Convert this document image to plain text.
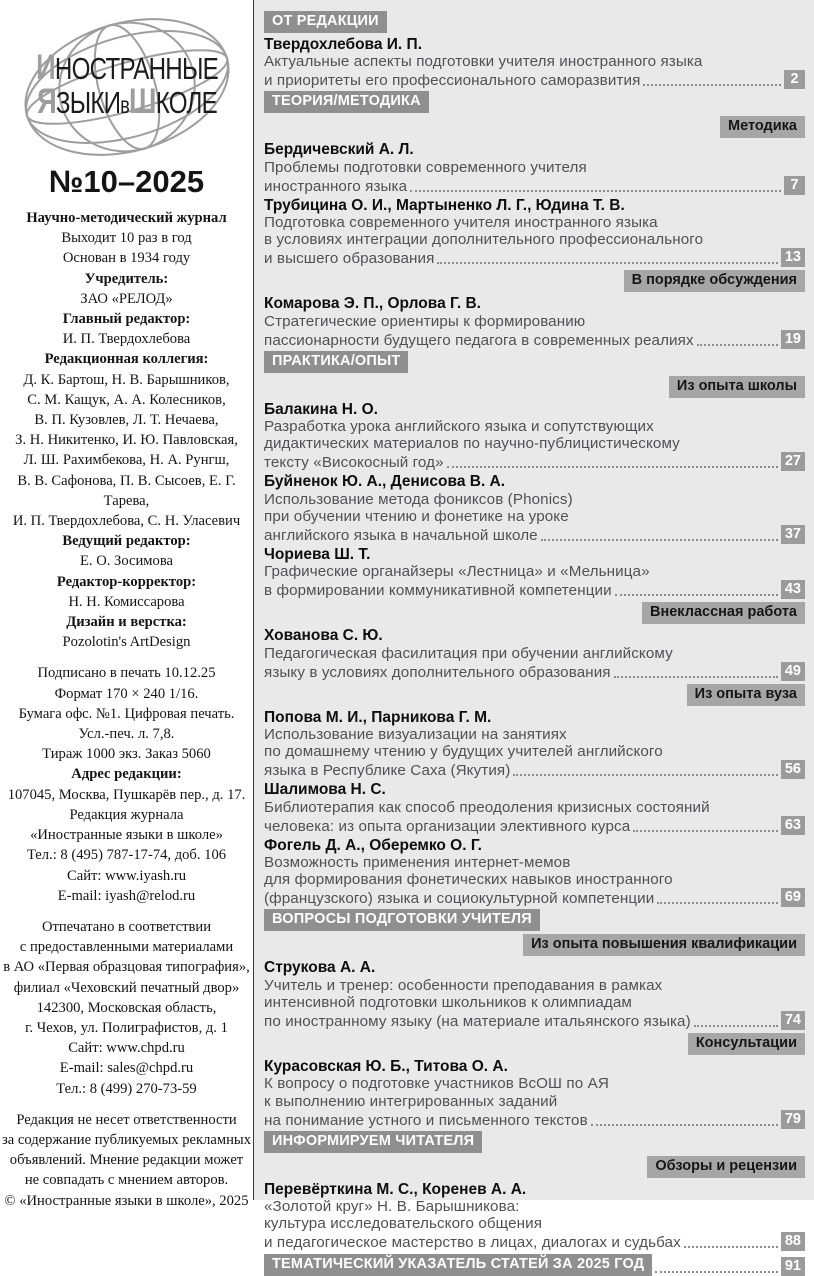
ИНОСТРАННЫЕ
ЯЗЫКИвШКОЛЕ
№10–2025
Научно-методический журнал
Выходит 10 раз в год
Основан в 1934 году
Учредитель:
ЗАО «РЕЛОД»
Главный редактор:
И. П. Твердохлебова
Редакционная коллегия:
Д. К. Бартош, Н. В. Барышников,
С. М. Кащук, А. А. Колесников,
В. П. Кузовлев, Л. Т. Нечаева,
З. Н. Никитенко, И. Ю. Павловская,
Л. Ш. Рахимбекова, Н. А. Рунгш,
В. В. Сафонова, П. В. Сысоев, Е. Г. Тарева,
И. П. Твердохлебова, С. Н. Уласевич
Ведущий редактор:
Е. О. Зосимова
Редактор-корректор:
Н. Н. Комиссарова
Дизайн и верстка:
Pozolotin's ArtDesign
Подписано в печать 10.12.25
Формат 170 × 240 1/16.
Бумага офс. №1. Цифровая печать.
Усл.-печ. л. 7,8.
Тираж 1000 экз. Заказ 5060
Адрес редакции:
107045, Москва, Пушкарёв пер., д. 17.
Редакция журнала
«Иностранные языки в школе»
Тел.: 8 (495) 787-17-74, доб. 106
Сайт: www.iyash.ru
E-mail: iyash@relod.ru
Отпечатано в соответствии
с предоставленными материалами
в АО «Первая образцовая типография»,
филиал «Чеховский печатный двор»
142300, Московская область,
г. Чехов, ул. Полиграфистов, д. 1
Сайт: www.chpd.ru
E-mail: sales@chpd.ru
Тел.: 8 (499) 270-73-59
Редакция не несет ответственности
за содержание публикуемых рекламных
объявлений. Мнение редакции может
не совпадать с мнением авторов.
© «Иностранные языки в школе», 2025
ОТ РЕДАКЦИИ
Твердохлебова И. П.
Актуальные аспекты подготовки учителя иностранного языка
и приоритеты его профессионального саморазвития	2
ТЕОРИЯ/МЕТОДИКА
Методика
Бердичевский А. Л.
Проблемы подготовки современного учителя
иностранного языка	7
Трубицина О. И., Мартыненко Л. Г., Юдина Т. В.
Подготовка современного учителя иностранного языка
в условиях интеграции дополнительного профессионального
и высшего образования	13
В порядке обсуждения
Комарова Э. П., Орлова Г. В.
Стратегические ориентиры к формированию
пассионарности будущего педагога в современных реалиях	19
ПРАКТИКА/ОПЫТ
Из опыта школы
Балакина Н. О.
Разработка урока английского языка и сопутствующих
дидактических материалов по научно-публицистическому
тексту «Високосный год»	27
Буйненок Ю. А., Денисова В. А.
Использование метода фониксов (Phonics)
при обучении чтению и фонетике на уроке
английского языка в начальной школе	37
Чориева Ш. Т.
Графические органайзеры «Лестница» и «Мельница»
в формировании коммуникативной компетенции	43
Внеклассная работа
Хованова С. Ю.
Педагогическая фасилитация при обучении английскому
языку в условиях дополнительного образования	49
Из опыта вуза
Попова М. И., Парникова Г. М.
Использование визуализации на занятиях
по домашнему чтению у будущих учителей английского
языка в Республике Саха (Якутия)	56
Шалимова Н. С.
Библиотерапия как способ преодоления кризисных состояний
человека: из опыта организации элективного курса	63
Фогель Д. А., Оберемко О. Г.
Возможность применения интернет-мемов
для формирования фонетических навыков иностранного
(французского) языка и социокультурной компетенции	69
ВОПРОСЫ ПОДГОТОВКИ УЧИТЕЛЯ
Из опыта повышения квалификации
Струкова А. А.
Учитель и тренер: особенности преподавания в рамках
интенсивной подготовки школьников к олимпиадам
по иностранному языку (на материале итальянского языка)	74
Консультации
Курасовская Ю. Б., Титова О. А.
К вопросу о подготовке участников ВсОШ по АЯ
к выполнению интегрированных заданий
на понимание устного и письменного текстов	79
ИНФОРМИРУЕМ ЧИТАТЕЛЯ
Обзоры и рецензии
Перевёрткина М. С., Коренев А. А.
«Золотой круг» Н. В. Барышникова:
культура исследовательского общения
и педагогическое мастерство в лицах, диалогах и судьбах	88
ТЕМАТИЧЕСКИЙ УКАЗАТЕЛЬ СТАТЕЙ ЗА 2025 ГОД	91
